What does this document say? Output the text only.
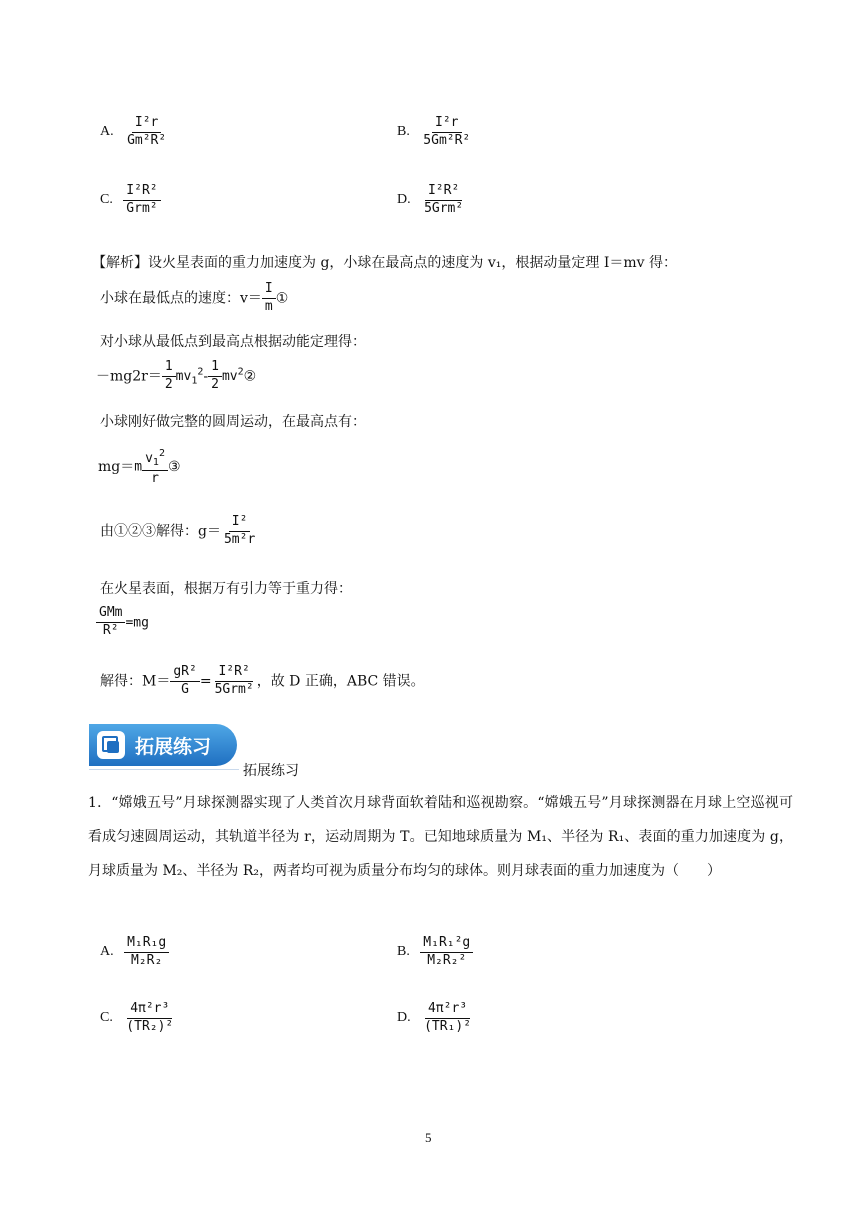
A. $\frac{\text{I²r}}{\text{Gm²R²}}$	B. $\frac{\text{I²r}}{\text{5Gm²R²}}$
C. $\frac{\text{I²R²}}{\text{Grm²}}$	D. $\frac{\text{I²R²}}{\text{5Grm²}}$
【解析】设火星表面的重力加速度为 g，小球在最高点的速度为 v₁，根据动量定理 I＝mv 得：
小球在最低点的速度：$v= \frac{I}{m}$ ①
对小球从最低点到最高点根据动能定理得：
$-mg2r= \frac{1}{2} mv_1^2- \frac{1}{2}$ $mv^2②$
小球刚好做完整的圆周运动，在最高点有：
$mg=m \frac{v_1^2}{r}$ ③
由①②③解得：$g= \frac{\text{I²}}{\text{5m²r}}$
在火星表面，根据万有引力等于重力得：
$\frac{\text{GMm}}{\text{R²}} =mg$
解得：$M= \frac{\text{gR²}}{G} = \frac{\text{I²R²}}{\text{5Grm²}}$ ，故 D 正确，ABC 错误。
拓展练习
拓展练习
1．“嫦娥五号”月球探测器实现了人类首次月球背面软着陆和巡视勘察。“嫦娥五号”月球探测器在月球上空巡视可看成匀速圆周运动，其轨道半径为 r，运动周期为 T。已知地球质量为 M₁、半径为 R₁、表面的重力加速度为 g，月球质量为 M₂、半径为 R₂，两者均可视为质量分布均匀的球体。则月球表面的重力加速度为（　　）
A. $\frac{\text{M₁R₁g}}{\text{M₂R₂}}$	B. $\frac{\text{M₁R₁²g}}{\text{M₂R₂²}}$
C. $\frac{\text{4π²r³}}{\text{(TR₂)²}}$	D. $\frac{\text{4π²r³}}{\text{(TR₁)²}}$
5
